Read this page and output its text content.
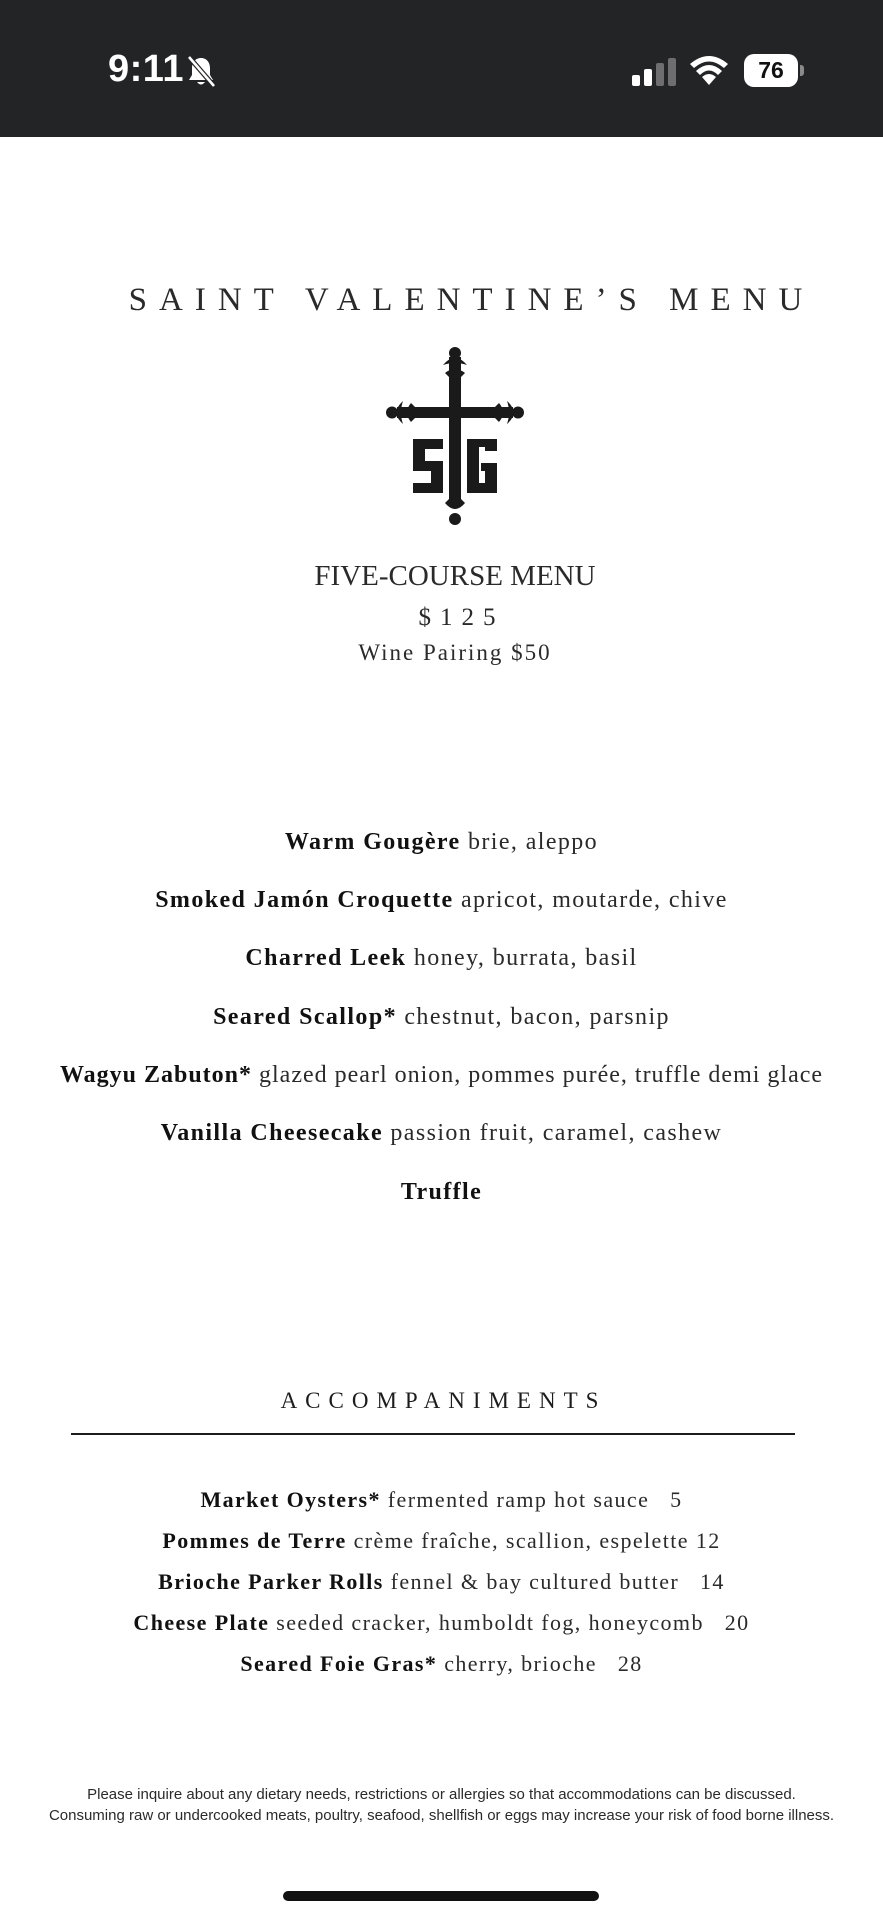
9:11	76
SAINT VALENTINE’S MENU
FIVE-COURSE MENU
$125
Wine Pairing $50
Warm Gougère brie, aleppo
Smoked Jamón Croquette apricot, moutarde, chive
Charred Leek honey, burrata, basil
Seared Scallop* chestnut, bacon, parsnip
Wagyu Zabuton* glazed pearl onion, pommes purée, truffle demi glace
Vanilla Cheesecake passion fruit, caramel, cashew
Truffle
ACCOMPANIMENTS
Market Oysters* fermented ramp hot sauce 5
Pommes de Terre crème fraîche, scallion, espelette 12
Brioche Parker Rolls fennel & bay cultured butter 14
Cheese Plate seeded cracker, humboldt fog, honeycomb 20
Seared Foie Gras* cherry, brioche 28
Please inquire about any dietary needs, restrictions or allergies so that accommodations can be discussed.
Consuming raw or undercooked meats, poultry, seafood, shellfish or eggs may increase your risk of food borne illness.
